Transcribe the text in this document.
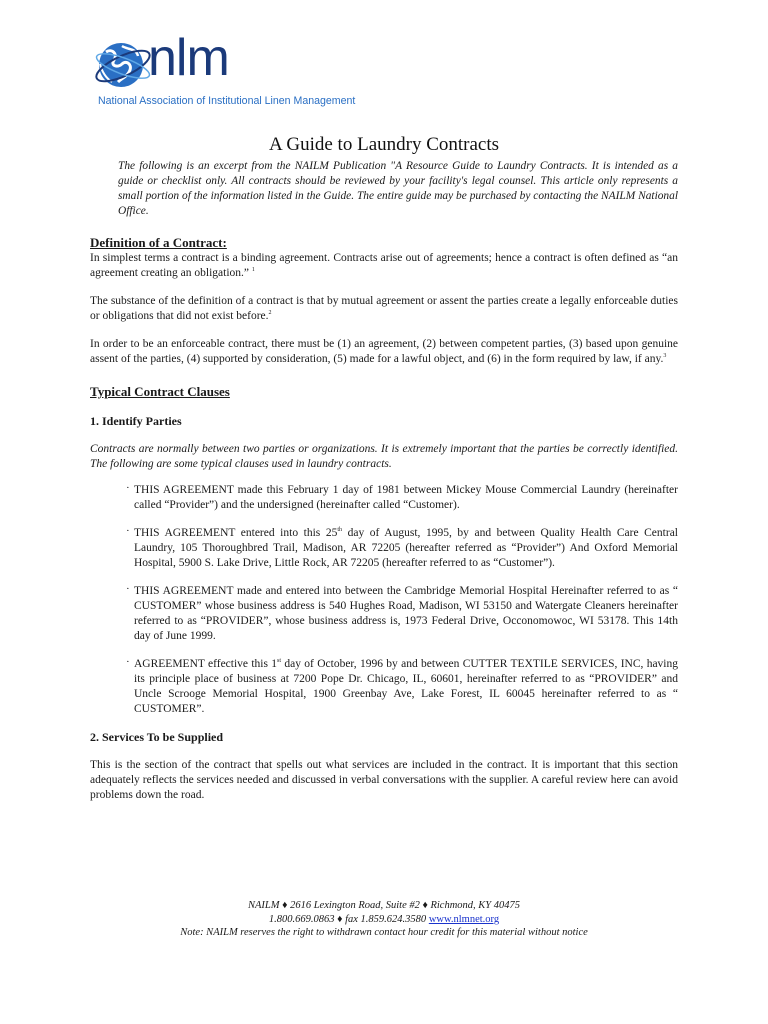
nlm
National Association of Institutional Linen Management
A Guide to Laundry Contracts

The following is an excerpt from the NAILM Publication "A Resource Guide to Laundry Contracts. It is intended as a guide or checklist only. All contracts should be reviewed by your facility's legal counsel. This article only represents a small portion of the information listed in the Guide. The entire guide may be purchased by contacting the NAILM National Office.

Definition of a Contract:

In simplest terms a contract is a binding agreement. Contracts arise out of agreements; hence a contract is often defined as “an agreement creating an obligation.” $^1$

The substance of the definition of a contract is that by mutual agreement or assent the parties create a legally enforceable duties or obligations that did not exist before.$^2$

In order to be an enforceable contract, there must be (1) an agreement, (2) between competent parties, (3) based upon genuine assent of the parties, (4) supported by consideration, (5) made for a lawful object, and (6) in the form required by law, if any.$^3$

Typical Contract Clauses
1. Identify Parties

Contracts are normally between two parties or organizations. It is extremely important that the parties be correctly identified. The following are some typical clauses used in laundry contracts.

· THIS AGREEMENT made this February 1 day of 1981 between Mickey Mouse Commercial Laundry (hereinafter called “Provider”) and the undersigned (hereinafter called “Customer).
· THIS AGREEMENT entered into this 25th day of August, 1995, by and between Quality Health Care Central Laundry, 105 Thoroughbred Trail, Madison, AR 72205 (hereafter referred as “Provider”) And Oxford Memorial Hospital, 5900 S. Lake Drive, Little Rock, AR 72205 (hereafter referred to as “Customer”).
· THIS AGREEMENT made and entered into between the Cambridge Memorial Hospital Hereinafter referred to as “ CUSTOMER” whose business address is 540 Hughes Road, Madison, WI 53150 and Watergate Cleaners hereinafter referred to as “PROVIDER”, whose business address is, 1973 Federal Drive, Occonomowoc, WI 53178. This 14th day of June 1999.
· AGREEMENT effective this 1st day of October, 1996 by and between CUTTER TEXTILE SERVICES, INC, having its principle place of business at 7200 Pope Dr. Chicago, IL, 60601, hereinafter referred to as “PROVIDER” and Uncle Scrooge Memorial Hospital, 1900 Greenbay Ave, Lake Forest, IL 60045 hereinafter referred to as “ CUSTOMER”.
2. Services To be Supplied

This is the section of the contract that spells out what services are included in the contract. It is important that this section adequately reflects the services needed and discussed in verbal conversations with the supplier. A careful review here can avoid problems down the road.

NAILM ♦ 2616 Lexington Road, Suite #2 ♦ Richmond, KY 40475
1.800.669.0863 ♦ fax 1.859.624.3580 www.nlmnet.org
Note: NAILM reserves the right to withdrawn contact hour credit for this material without notice
